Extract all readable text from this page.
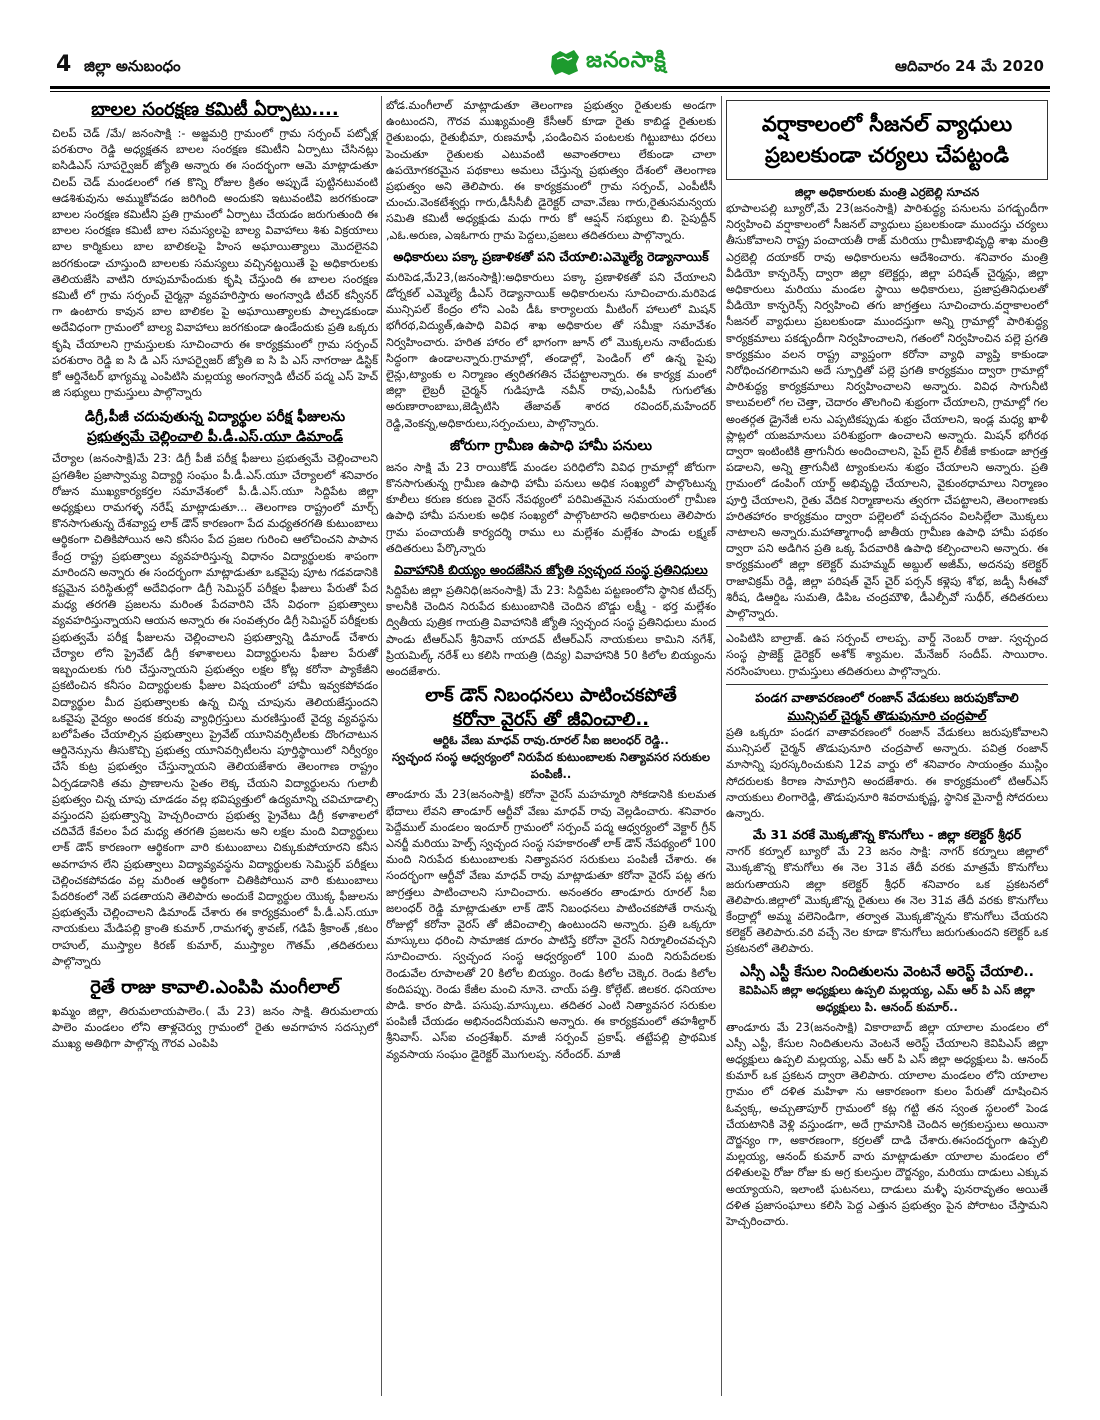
4 జిల్లా అనుబంధం	జనంసాక్షి	ఆదివారం 24 మే 2020
బాలల సంరక్షణ కమిటీ ఏర్పాటు....
చిలప్ చెడ్ /మే/ జనంసాక్షి :- అజ్జమర్రి గ్రామంలో గ్రామ సర్పంచ్ పట్నోళ్ల పరశురాం రెడ్డి అధ్యక్షతన బాలల సంరక్షణ కమిటీని ఏర్పాటు చేసినట్లు ఐసిడిఎస్ సూపర్వైజర్ జ్యోతి అన్నారు ఈ సందర్భంగా ఆమె మాట్లాడుతూ చిలప్ చెడ్ మండలంలో గత కొన్ని రోజుల క్రితం అప్పుడే పుట్టినటువంటి ఆడశిశువును అమ్ముకోవడం జరిగింది అందుకని ఇటువంటివి జరగకుండా బాలల సంరక్షణ కమిటీని ప్రతి గ్రామంలో ఏర్పాటు చేయడం జరుగుతుంది ఈ బాలల సంరక్షణ కమిటీ బాల సమస్యలపై బాల్య వివాహాలు శిశు విక్రయాలు బాల కార్మికులు బాల బాలికలపై హింస అఘాయిత్యాలు మొదలైనవి జరగకుండా చూస్తుంది బాలలకు సమస్యలు వచ్చినట్టయితే పై అధికారులకు తెలియజేసి వాటిని రూపుమాపేందుకు కృషి చేస్తుంది ఈ బాలల సంరక్షణ కమిటీ లో గ్రామ సర్పంచ్ చైర్మన్గా వ్యవహరిస్తారు అంగన్వాడి టీచర్ కన్వీనర్ గా ఉంటారు కావున బాల బాలికల పై అఘాయిత్యాలకు పాల్పడకుండా అదేవిధంగా గ్రామంలో బాల్య వివాహాలు జరగకుండా ఉండేందుకు ప్రతి ఒక్కరు కృషి చేయాలని గ్రామస్తులకు సూచించారు ఈ కార్యక్రమంలో గ్రామ సర్పంచ్ పరశురాం రెడ్డి ఐ సి డి ఎస్ సూపర్వైజర్ జ్యోతి ఐ సి పి ఎస్ నాగరాజు డిస్టిక్ కో ఆర్డినేటర్ భాగ్యమ్మ ఎంపిటిసి మల్లయ్య అంగన్వాడి టీచర్ పద్మ ఎస్ హెచ్ జి సభ్యులు గ్రామస్తులు పాల్గొన్నారు
డిగ్రీ,పీజీ చదువుతున్న విద్యార్థుల పరీక్ష ఫీజులను
ప్రభుత్వమే చెల్లించాలి పీ.డీ.ఎస్.యూ డిమాండ్
చేర్యాల (జనంసాక్షి)మే 23: డిగ్రీ పీజీ పరీక్ష ఫీజులు ప్రభుత్వమే చెల్లించాలని ప్రగతిశీల ప్రజాస్వామ్య విద్యార్థి సంఘం పీ.డీ.ఎస్.యూ చేర్యాలలో శనివారం రోజున ముఖ్యకార్యకర్తల సమావేశంలో పీ.డీ.ఎస్.యూ సిద్దిపేట జిల్లా అధ్యక్షులు రామగళ్ళ నరేష్ మాట్లాడుతూ... తెలంగాణ రాష్ట్రంలో మార్చ్ కొనసాగుతున్న దేశవ్యాప్త లాక్ డౌన్ కారణంగా పేద మధ్యతరగతి కుటుంబాలు ఆర్థికంగా చితికిపోయిన అని కనీసం పేద ప్రజల గురించి ఆలోచించని పాపాన కేంద్ర రాష్ట్ర ప్రభుత్వాలు వ్యవహరిస్తున్న విధానం విద్యార్థులకు శాపంగా మారిందని అన్నారు ఈ సందర్భంగా మాట్లాడుతూ ఒకవైపు పూట గడవడానికి కష్టమైన పరిస్థితుల్లో అదేవిధంగా డిగ్రీ సెమిస్టర్ పరీక్షల ఫీజులు పేరుతో పేద మధ్య తరగతి ప్రజలను మరింత పేదవారిని చేసే విధంగా ప్రభుత్వాలు వ్యవహరిస్తున్నాయని ఆయన అన్నారు ఈ సంవత్సరం డిగ్రీ సెమిస్టర్ పరీక్షలకు ప్రభుత్వమే పరీక్ష ఫీజులను చెల్లించాలని ప్రభుత్వాన్ని డిమాండ్ చేశారు చేర్యాల లోని ప్రైవేట్ డిగ్రీ కళాశాలలు విద్యార్థులను ఫీజుల పేరుతో ఇబ్బందులకు గురి చేస్తున్నాయని ప్రభుత్వం లక్షల కోట్ల కరోనా ప్యాకేజీని ప్రకటించిన కనీసం విద్యార్థులకు ఫీజుల విషయంలో హామీ ఇవ్వకపోవడం విద్యార్థుల మీద ప్రభుత్వాలకు ఉన్న చిన్న చూపును తెలియజేస్తుందని ఒకవైపు వైద్యం అందక కరువు వ్యాధిగ్రస్తులు మరణిస్తుంటే వైద్య వ్యవస్థను బలోపేతం చేయాల్సిన ప్రభుత్వాలు ప్రైవేట్ యూనివర్సిటీలకు దొంగచాటున ఆర్డినెన్సును తీసుకొచ్చి ప్రభుత్వ యూనివర్సిటీలను పూర్తిస్థాయిలో నిర్వీర్యం చేసే కుట్ర ప్రభుత్వం చేస్తున్నాయని తెలియజేశారు తెలంగాణ రాష్ట్రం ఏర్పడడానికి తమ ప్రాణాలను సైతం లెక్క చేయని విద్యార్థులను గులాబీ ప్రభుత్వం చిన్న చూపు చూడడం వల్ల భవిష్యత్తులో ఉద్యమాన్ని చవిచూడాల్సి వస్తుందని ప్రభుత్వాన్ని హెచ్చరించారు ప్రభుత్వ ప్రైవేటు డిగ్రీ కళాశాలలో చదివేదే కేవలం పేద మధ్య తరగతి ప్రజలను అని లక్షల మంది విద్యార్థులు లాక్ డౌన్ కారణంగా ఆర్థికంగా వారి కుటుంబాలు చిక్కుకుపోయారని కనీస అవగాహన లేని ప్రభుత్వాలు విద్యావ్యవస్థను విద్యార్థులకు సెమిస్టర్ పరీక్షలు చెల్లించకపోవడం వల్ల మరింత ఆర్థికంగా చితికిపోయిన వారి కుటుంబాలు పేదరికంలో నెట్ పడతాయని తెలిపారు అందుకే విద్యార్థుల యొక్క ఫీజులను ప్రభుత్వమే చెల్లించాలని డిమాండ్ చేశారు ఈ కార్యక్రమంలో పీ.డీ.ఎస్.యూ నాయకులు మేడిపల్లి క్రాంతి కుమార్ ,రామగళ్ళ శ్రావణ్, గడిపే శ్రీకాంత్ ,కటం రాహుల్, ముస్త్యాల కిరణ్ కుమార్, ముస్త్యాల గౌతమ్ ,తదితరులు పాల్గొన్నారు
రైతే రాజు కావాలి.ఎంపిపి మంగీలాల్
ఖమ్మం జిల్లా, తిరుమలాయపాలెం.( మే 23) జనం సాక్షి. తిరుమలాయ పాలెం మండలం లోని తాళ్లచెర్వు గ్రామంలో రైతు అవగాహన సదస్సులో ముఖ్య అతిథిగా పాల్గొన్న గౌరవ ఎంపిపి
బోడ.మంగీలాల్ మాట్లాడుతూ తెలంగాణ ప్రభుత్వం రైతులకు అండగా ఉంటుందని, గౌరవ ముఖ్యమంత్రి కేసీఆర్ కూడా రైతు కాబిడ్డ రైతులకు రైతుబంధు, రైతుభీమా, రుణమాఫీ ,పండించిన పంటలకు గిట్టుబాటు ధరలు పెంచుతూ రైతులకు ఎటువంటి అవాంతరాలు లేకుండా చాలా ఉపయోగకరమైన పథకాలు అమలు చేస్తున్న ప్రభుత్వం దేశంలో తెలంగాణ ప్రభుత్వం అని తెలిపారు. ఈ కార్యక్రమంలో గ్రామ సర్పంచ్, ఎంపీటీసీ చుంచు.వెంకటేశ్వర్లు గారు,డీసీసీబీ డైరెక్టర్ చావా.వేణు గారు,రైతుసమన్వయ సమితి కమిటీ అధ్యక్షుడు మధు గారు కో ఆప్షన్ సభ్యులు బి. సైపుద్దీన్ ,ఎఓ.అరుణ, ఎఇఓగారు గ్రామ పెద్దలు,ప్రజలు తదితరులు పాల్గొన్నారు.
అధికారులు పక్కా ప్రణాళికతో పని చేయాలి:ఎమ్మెల్యే రెడ్యానాయిక్
మరిపెడ,మే23,(జనంసాక్షి):అధికారులు పక్కా ప్రణాళికతో పని చేయాలని డోర్నకల్ ఎమ్మెల్యే డీఎస్ రెడ్యానాయిక్ అధికారులను సూచించారు.మరిపెడ మున్సిపల్ కేంద్రం లోని ఎంపి డీఓ కార్యాలయ మీటింగ్ హాలులో మిషన్ భగీరథ,విద్యుత్,ఉపాధి వివిధ శాఖ అధికారుల తో సమీక్షా సమావేశం నిర్వహించారు. హరిత హారం లో భాగంగా జూన్ లో మొక్కలను నాటేందుకు సిద్ధంగా ఉండాలన్నారు.గ్రామాల్లో, తండాల్లో, పెండింగ్ లో ఉన్న పైపు లైన్లు,ట్యాంకు ల నిర్మాణం త్వరితగతిన చేపట్టాలన్నారు. ఈ కార్యక్ర మంలో జిల్లా లైబ్రరీ చైర్మన్ గుడిపూడి నవీన్ రావు,ఎంపీపీ గుగులోతు అరుణారాంబాబు,జెడ్పిటిసి తేజావత్ శారద రవిందర్,మహేందర్ రెడ్డి,వెంకన్న,అధికారులు,సర్పంచులు, పాల్గొన్నారు.
జోరుగా గ్రామీణ ఉపాధి హామీ పనులు
జనం సాక్షి మే 23 రాయికోడ్ మండల పరిధిలోని వివిధ గ్రామాల్లో జోరుగా కొనసాగుతున్న గ్రామీణ ఉపాధి హామీ పనులు అధిక సంఖ్యలో పాల్గొంటున్న కూలీలు కరుణ కరుణ వైరస్ నేపథ్యంలో పరిమితమైన సమయంలో గ్రామీణ ఉపాధి హామీ పనులకు అధిక సంఖ్యలో పాల్గొంటారని అధికారులు తెలిపారు గ్రామ పంచాయతీ కార్యదర్శి రాము లు మల్లేశం మల్లేశం పాండు లక్ష్మణ్ తదితరులు పేర్కొన్నారు
వివాహానికి బియ్యం అందజేసిన జ్యోతి స్వచ్ఛంద సంస్థ ప్రతినిధులు
సిద్దిపేట జిల్లా ప్రతినిధి(జనంసాక్షి) మే 23: సిద్దిపేట పట్టణంలోని స్థానిక టీచర్స్ కాలనీకి చెందిన నిరుపేద కుటుంబానికి చెందిన బొడ్డు లక్ష్మీ - భర్త మల్లేశం ద్వితీయ పుత్రిక గాయత్రి వివాహానికి జ్యోతి స్వచ్ఛంద సంస్థ ప్రతినిధులు మంద పాండు టీఆర్ఎస్ శ్రీనివాస్ యాదవ్ టీఆర్ఎస్ నాయకులు కామిని నగేశ్, ప్రియమిల్క్ నరేశ్ లు కలిసి గాయత్రి (దివ్య) వివాహానికి 50 కిలోల బియ్యంను అందజేశారు.
లాక్ డౌన్ నిబంధనలు పాటించకపోతే
కరోనా వైరస్ తో జీవించాలి..
ఆర్టిఓ వేణు మాధవ్ రావు.రూరల్ సీఐ జలంధర్ రెడ్డి..
స్వచ్ఛంద సంస్థ ఆధ్వర్యంలో నిరుపేద కుటుంబాలకు నిత్యావసర సరుకుల పంపిణీ..
తాండూరు మే 23(జనంసాక్షి) కరోనా వైరస్ మహమ్మారి సోకడానికి కులమత భేదాలు లేవని తాండూర్ ఆర్టీవో వేణు మాధవ్ రావు వెల్లడించారు. శనివారం పెద్దేముల్ మండలం ఇందూర్ గ్రామంలో సర్పంచ్ పద్మ ఆధ్వర్యంలో వెక్టార్ గ్రీన్ ఎనర్జీ మరియు హెల్ప్ స్వచ్ఛంద సంస్థ సహకారంతో లాక్ డౌన్ నేపథ్యంలో 100 మంది నిరుపేద కుటుంబాలకు నిత్యావసర సరుకులు పంపిణీ చేశారు. ఈ సందర్భంగా ఆర్టీవో వేణు మాధవ్ రావు మాట్లాడుతూ కరోనా వైరస్ పట్ల తగు జాగ్రత్తలు పాటించాలని సూచించారు. అనంతరం తాండూరు రూరల్ సీఐ జలంధర్ రెడ్డి మాట్లాడుతూ లాక్ డౌన్ నిబంధనలు పాటించకపోతే రానున్న రోజుల్లో కరోనా వైరస్ తో జీవించాల్సి ఉంటుందని అన్నారు. ప్రతి ఒక్కరూ మాస్కులు ధరించి సామాజిక దూరం పాటిస్తే కరోనా వైరస్ నిర్మూలించవచ్చని సూచించారు. స్వచ్ఛంద సంస్థ ఆధ్వర్యంలో 100 మంది నిరుపేదలకు రెండువేల రూపాలతో 20 కిలోల బియ్యం. రెండు కిలోల చెక్కెర. రెండు కిలోల కందిపప్పు. రెండు కేజీల మంచి నూనె. చాయ్ పత్తి. కోల్గేట్. జిలకర. ధనియాల పొడి. కారం పొడి. పసుపు.మాస్కులు. తదితర ఎంటి నిత్యావసర సరుకుల పంపిణీ చేయడం అభినందనీయమని అన్నారు. ఈ కార్యక్రమంలో తహశీల్దార్ శ్రీనివాస్. ఎస్ఐ చంద్రశేఖర్. మాజీ సర్పంచ్ ప్రకాష్. తట్టేపల్లి ప్రాథమిక వ్యవసాయ సంఘం డైరెక్టర్ మొగులప్ప. నరేందర్. మాజీ
వర్షాకాలంలో సీజనల్ వ్యాధులు
ప్రబలకుండా చర్యలు చేపట్టండి
జిల్లా అధికారులకు మంత్రి ఎర్రబెల్లి సూచన
భూపాలపల్లి బ్యూరో,మే 23(జనంసాక్షి) పారిశుద్ధ్య పనులను పగడ్బందీగా నిర్వహించి వర్షాకాలంలో సీజనల్ వ్యాధులు ప్రబలకుండా ముందస్తు చర్యలు తీసుకోవాలని రాష్ట్ర పంచాయతీ రాజ్ మరియు గ్రామీణాభివృద్ధి శాఖ మంత్రి ఎర్రబెల్లి దయాకర్ రావు అధికారులను ఆదేశించారు. శనివారం మంత్రి వీడియో కాన్ఫరెన్స్ ద్వారా జిల్లా కలెక్టర్లు, జిల్లా పరిషత్ చైర్మన్లు, జిల్లా అధికారులు మరియు మండల స్థాయి అధికారులు, ప్రజాప్రతినిధులతో వీడియో కాన్ఫరెన్స్ నిర్వహించి తగు జాగ్రత్తలు సూచించారు.వర్షాకాలంలో సీజనల్ వ్యాధులు ప్రబలకుండా ముందస్తుగా అన్ని గ్రామాల్లో పారిశుద్ధ్య కార్యక్రమాలు పకడ్బందీగా నిర్వహించాలని, గతంలో నిర్వహించిన పల్లె ప్రగతి కార్యక్రమం వలన రాష్ట్ర వ్యాప్తంగా కరోనా వ్యాధి వ్యాప్తి కాకుండా నిరోధించగలిగామని అదే స్ఫూర్తితో పల్లె ప్రగతి కార్యక్రమం ద్వారా గ్రామాల్లో పారిశుద్ధ్య కార్యక్రమాలు నిర్వహించాలని అన్నారు. వివిధ సాగునీటి కాలువలలో గల చెత్తా, చెదారం తొలగించి శుభ్రంగా చేయాలని, గ్రామాల్లో గల అంతర్గత డ్రైనేజీ లను ఎప్పటికప్పుడు శుభ్రం చేయాలని, ఇండ్ల మధ్య ఖాళీ ప్లాట్లలో యజమానులు పరిశుభ్రంగా ఉంచాలని అన్నారు. మిషన్ భగీరథ ద్వారా ఇంటింటికి త్రాగునీరు అందించాలని, పైప్ లైన్ లీకేజీ కాకుండా జాగ్రత్త పడాలని, అన్ని త్రాగునీటి ట్యాంకులను శుభ్రం చేయాలని అన్నారు. ప్రతి గ్రామంలో డంపింగ్ యార్డ్ అభివృద్ధి చేయాలని, వైకుంఠధామాలు నిర్మాణం పూర్తి చేయాలని, రైతు వేదిక నిర్మాణాలను త్వరగా చేపట్టాలని, తెలంగాణకు హరితహారం కార్యక్రమం ద్వారా పల్లెలలో పచ్చదనం విలసిల్లేలా మొక్కలు నాటాలని అన్నారు.మహాత్మాగాంధీ జాతీయ గ్రామీణ ఉపాధి హామీ పథకం ద్వారా పని అడిగిన ప్రతి ఒక్క పేదవారికి ఉపాధి కల్పించాలని అన్నారు. ఈ కార్యక్రమంలో జిల్లా కలెక్టర్ మహమ్మద్ అబ్దుల్ అజీమ్, అదనపు కలెక్టర్ రాజావిక్రమ్ రెడ్డి, జిల్లా పరిషత్ వైస్ చైర్ పర్సన్ కళ్లెపు శోభ, జడ్పీ సీఈవో శిరీష, డిఆర్డిఒ సుమతి, డిపిఒ చంద్రమౌళి, డీఎల్పీవో సుధీర్, తదితరులు పాల్గొన్నారు.
ఎంపిటిసి బాల్రాజ్. ఉప సర్పంచ్ లాలప్ప. వార్డ్ నెంబర్ రాజు. స్వచ్ఛంద సంస్థ ప్రాజెక్ట్ డైరెక్టర్ అశోక్ శ్యామల. మేనేజర్ సందీప్. సాయిరాం. నరసింహులు. గ్రామస్తులు తదితరులు పాల్గొన్నారు.
పండగ వాతావరణంలో రంజాన్ వేడుకలు జరుపుకోవాలి
మున్సిపల్ చైర్మన్ తొడుపునూరి చంద్రపాల్
ప్రతి ఒక్కరూ పండగ వాతావరణంలో రంజాన్ వేడుకలు జరుపుకోవాలని మున్సిపల్ చైర్మన్ తొడుపునూరి చంద్రపాల్ అన్నారు. పవిత్ర రంజాన్ మాసాన్ని పురస్కరించుకుని 12వ వార్డు లో శనివారం సాయంత్రం ముస్లిం సోదరులకు కిరాణ సామాగ్రిని అందజేశారు. ఈ కార్యక్రమంలో టిఆర్ఎస్ నాయకులు లింగారెడ్డి, తొడుపునూరి శివరామకృష్ణ, స్థానిక మైనార్టీ సోదరులు ఉన్నారు.
మే 31 వరకే మొక్కజొన్న కొనుగోలు - జిల్లా కలెక్టర్ శ్రీధర్
నాగర్ కర్నూల్ బ్యూరో మే 23 జనం సాక్షి: నాగర్ కర్నూలు జిల్లాలో మొక్కజొన్న కొనుగోలు ఈ నెల 31వ తేదీ వరకు మాత్రమే కొనుగోలు జరుగుతాయని జిల్లా కలెక్టర్ శ్రీధర్ శనివారం ఒక ప్రకటనలో తెలిపారు.జిల్లాలో మొక్కజొన్న రైతులు ఈ నెల 31వ తేదీ వరకు కొనుగోలు కేంద్రాల్లో అమ్మ వలెనిండిగా, తర్వాత మొక్కజొన్నను కొనుగోలు చేయరని కలెక్టర్ తెలిపారు.వరి వచ్చే నెల కూడా కొనుగోలు జరుగుతుందని కలెక్టర్ ఒక ప్రకటనలో తెలిపారు.
ఎస్సీ ఎస్టీ కేసుల నిందితులను వెంటనే అరెస్ట్ చేయాలి..
కెవిపిఎస్ జిల్లా అధ్యక్షులు ఉప్పలి మల్లయ్య, ఎమ్ ఆర్ పి ఎస్ జిల్లా అధ్యక్షులు పి. ఆనంద్ కుమార్..
తాండూరు మే 23(జనంసాక్షి) వికారాబాద్ జిల్లా యాలాల మండలం లో ఎస్సీ ఎస్టీ, కేసుల నిందితులను వెంటనే అరెస్ట్ చేయాలని కెవిపిఎస్ జిల్లా అధ్యక్షులు ఉప్పలి మల్లయ్య, ఎమ్ ఆర్ పి ఎస్ జిల్లా అధ్యక్షులు పి. ఆనంద్ కుమార్ ఒక ప్రకటన ద్వారా తెలిపారు. యాలాల మండలం లోని యాలాల గ్రామం లో దళిత మహిళా ను ఆకారణంగా కులం పేరుతో దూషించిన ఓవ్వక్క, అచ్చుతాపూర్ గ్రామంలో కట్ల గట్టి తన స్వంత స్థలంలో పెండ చేయటానికి వెళ్లి వస్తుండగా, అదే గ్రామానికి చెందిన అగ్రకులస్తులు అయినా దౌర్జన్యం గా, అకారణంగా, కర్రలతో దాడి చేశారు.ఈసందర్భంగా ఉప్పలి మల్లయ్య, ఆనంద్ కుమార్ వారు మాట్లాడుతూ యాలాల మండలం లో దళితులపై రోజు రోజు కు అగ్ర కులస్తుల దౌర్జన్యం, మరియు దాడులు ఎక్కువ అయ్యాయని, ఇలాంటి ఘటనలు, దాడులు మళ్ళీ పునరావృతం అయితే దళిత ప్రజాసంఘాలు కలిసి పెద్ద ఎత్తున ప్రభుత్వం పైన పోరాటం చేస్తామని హెచ్చరించారు.
